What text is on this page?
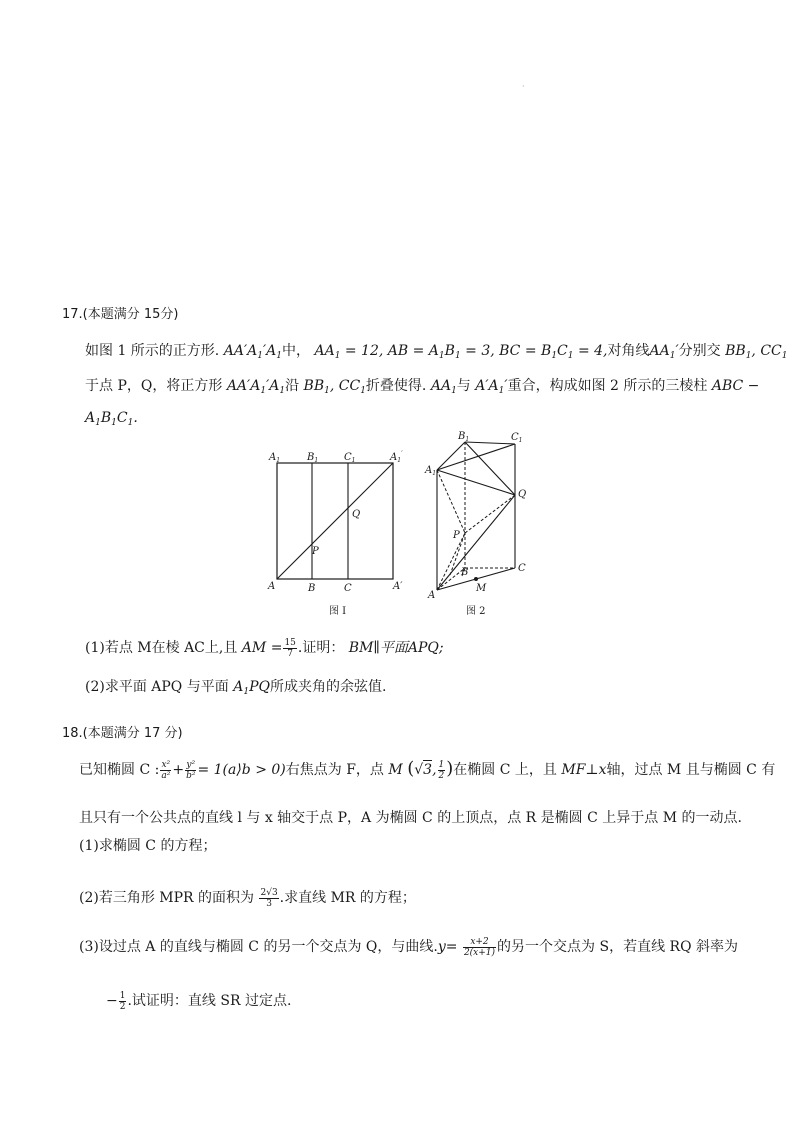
·
17.(本题满分 15分)
如图 1 所示的正方形. $AA'A_1'A_1$中， $AA_1 = 12$, AB = $A_1B_1 = 3$, BC = $B_1C_1 = 4$,对角线$AA_1'$分别交 $BB_1$, $CC_1$
于点 P，Q，将正方形 $AA'A_1'A_1$沿 $BB_1$, $CC_1$折叠使得. $AA_1$与 $A'A_1'$重合，构成如图 2 所示的三棱柱 ABC −
$A_1B_1C_1$.
$A_1$	$B_1$	$C_1$	$A_1'$
A	B	C	A′
P
Q
图 I
$B_1$	$C_1$
$A_1$
Q
P
B	C
M
A
图 2
(1)若点 M在棱 AC上,且 AM = $\frac{15}{7}$ .证明： BM∥平面APQ;
(2)求平面 APQ 与平面 $A_1PQ$所成夹角的余弦值.
18.(本题满分 17 分)
已知椭圆 C : $\frac{\text{x²}}{\text{a²}} + \frac{\text{y²}}{\text{b²}}$ = 1(a⟩b > 0)右焦点为 F，点 M (√3, $\frac{1}{2}$ )在椭圆 C 上，且 MF⊥x轴，过点 M 且与椭圆 C 有
且只有一个公共点的直线 l 与 x 轴交于点 P，A 为椭圆 C 的上顶点，点 R 是椭圆 C 上异于点 M 的一动点.
(1)求椭圆 C 的方程；
(2)若三角形 MPR 的面积为 $\frac{2√3}{3}$ .求直线 MR 的方程；
(3)设过点 A 的直线与椭圆 C 的另一个交点为 Q，与曲线$.y= \frac{x+2}{2(x+1)}$ 的另一个交点为 S，若直线 RQ 斜率为
− $\frac{1}{2}$ .试证明：直线 SR 过定点.
